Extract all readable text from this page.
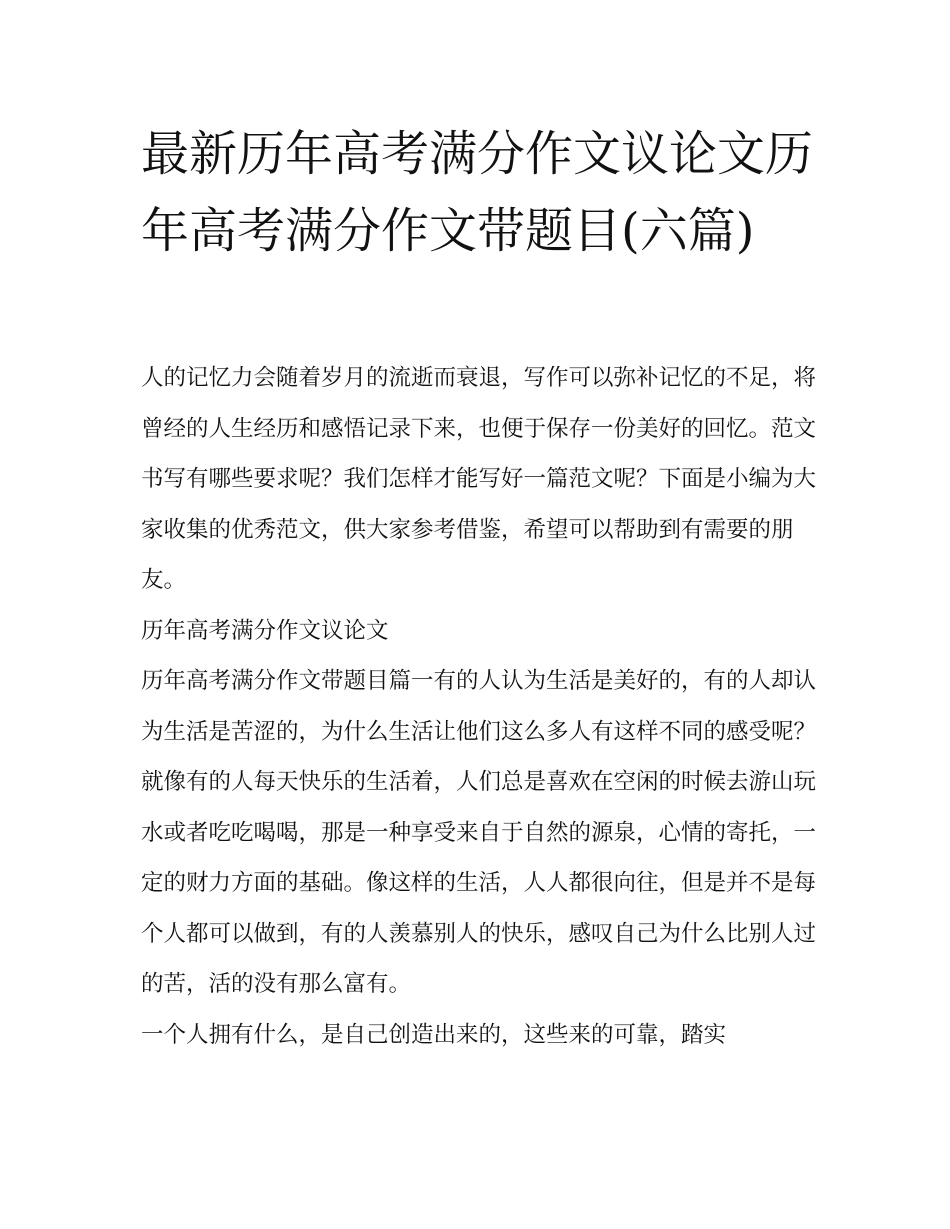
最新历年高考满分作文议论文历年高考满分作文带题目(六篇)

人的记忆力会随着岁月的流逝而衰退，写作可以弥补记忆的不足，将曾经的人生经历和感悟记录下来，也便于保存一份美好的回忆。范文书写有哪些要求呢？我们怎样才能写好一篇范文呢？下面是小编为大家收集的优秀范文，供大家参考借鉴，希望可以帮助到有需要的朋友。

历年高考满分作文议论文

历年高考满分作文带题目篇一有的人认为生活是美好的，有的人却认为生活是苦涩的，为什么生活让他们这么多人有这样不同的感受呢？就像有的人每天快乐的生活着，人们总是喜欢在空闲的时候去游山玩水或者吃吃喝喝，那是一种享受来自于自然的源泉，心情的寄托，一定的财力方面的基础。像这样的生活，人人都很向往，但是并不是每个人都可以做到，有的人羡慕别人的快乐，感叹自己为什么比别人过的苦，活的没有那么富有。

一个人拥有什么，是自己创造出来的，这些来的可靠，踏实
